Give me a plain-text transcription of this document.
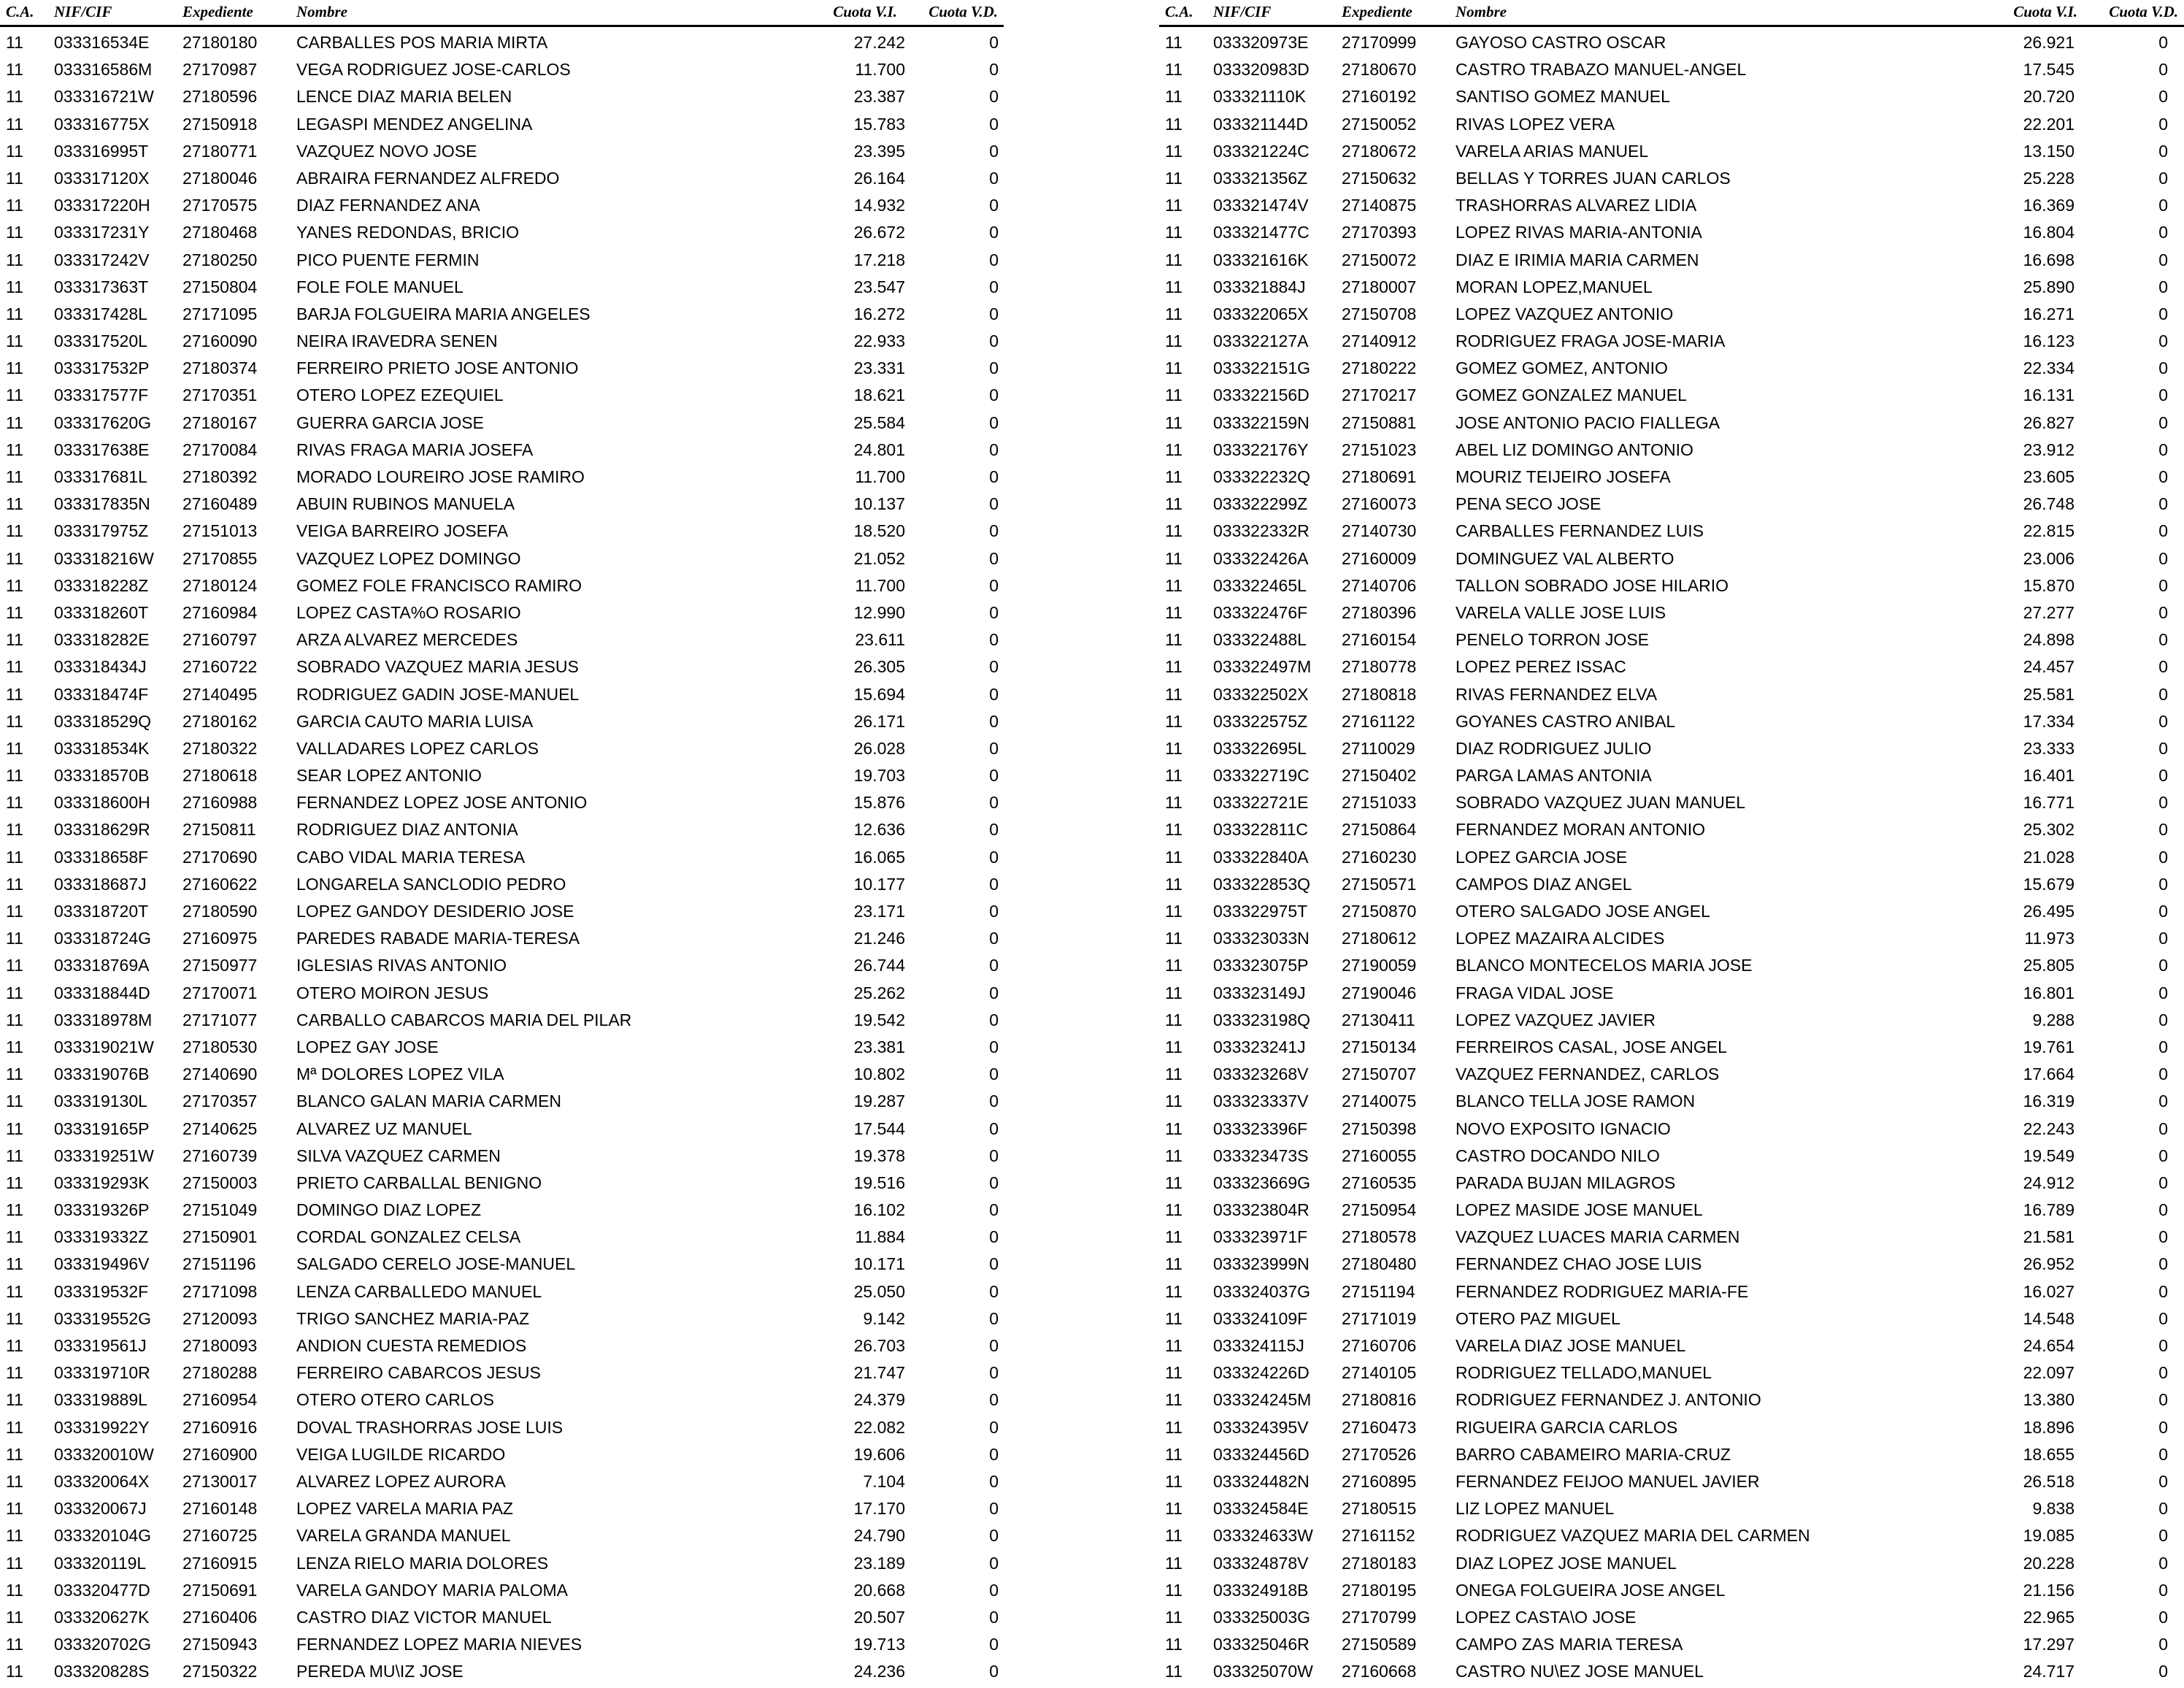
C.A. NIF/CIF	Expediente	Nombre	Cuota V.I. Cuota V.D.
11 033316534E 27180180 CARBALLES POS MARIA MIRTA	27.242	0
11 033316586M 27170987 VEGA RODRIGUEZ JOSE-CARLOS	11.700	0
11 033316721W 27180596 LENCE DIAZ MARIA BELEN	23.387	0
11 033316775X 27150918 LEGASPI MENDEZ ANGELINA	15.783	0
11 033316995T 27180771 VAZQUEZ NOVO JOSE	23.395	0
11 033317120X 27180046 ABRAIRA FERNANDEZ ALFREDO	26.164	0
11 033317220H 27170575 DIAZ FERNANDEZ ANA	14.932	0
11 033317231Y 27180468 YANES REDONDAS, BRICIO	26.672	0
11 033317242V 27180250 PICO PUENTE FERMIN	17.218	0
11 033317363T 27150804 FOLE FOLE MANUEL	23.547	0
11 033317428L 27171095 BARJA FOLGUEIRA MARIA ANGELES	16.272	0
11 033317520L 27160090 NEIRA IRAVEDRA SENEN	22.933	0
11 033317532P 27180374 FERREIRO PRIETO JOSE ANTONIO	23.331	0
11 033317577F 27170351 OTERO LOPEZ EZEQUIEL	18.621	0
11 033317620G 27180167 GUERRA GARCIA JOSE	25.584	0
11 033317638E 27170084 RIVAS FRAGA MARIA JOSEFA	24.801	0
11 033317681L 27180392 MORADO LOUREIRO JOSE RAMIRO	11.700	0
11 033317835N 27160489 ABUIN RUBINOS MANUELA	10.137	0
11 033317975Z 27151013 VEIGA BARREIRO JOSEFA	18.520	0
11 033318216W 27170855 VAZQUEZ LOPEZ DOMINGO	21.052	0
11 033318228Z 27180124 GOMEZ FOLE FRANCISCO RAMIRO	11.700	0
11 033318260T 27160984 LOPEZ CASTA%O ROSARIO	12.990	0
11 033318282E 27160797 ARZA ALVAREZ MERCEDES	23.611	0
11 033318434J 27160722 SOBRADO VAZQUEZ MARIA JESUS	26.305	0
11 033318474F 27140495 RODRIGUEZ GADIN JOSE-MANUEL	15.694	0
11 033318529Q 27180162 GARCIA CAUTO MARIA LUISA	26.171	0
11 033318534K 27180322 VALLADARES LOPEZ CARLOS	26.028	0
11 033318570B 27180618 SEAR LOPEZ ANTONIO	19.703	0
11 033318600H 27160988 FERNANDEZ LOPEZ JOSE ANTONIO	15.876	0
11 033318629R 27150811 RODRIGUEZ DIAZ ANTONIA	12.636	0
11 033318658F 27170690 CABO VIDAL MARIA TERESA	16.065	0
11 033318687J 27160622 LONGARELA SANCLODIO PEDRO	10.177	0
11 033318720T 27180590 LOPEZ GANDOY DESIDERIO JOSE	23.171	0
11 033318724G 27160975 PAREDES RABADE MARIA-TERESA	21.246	0
11 033318769A 27150977 IGLESIAS RIVAS ANTONIO	26.744	0
11 033318844D 27170071 OTERO MOIRON JESUS	25.262	0
11 033318978M 27171077 CARBALLO CABARCOS MARIA DEL PILAR	19.542	0
11 033319021W 27180530 LOPEZ GAY JOSE	23.381	0
11 033319076B 27140690 Mª DOLORES LOPEZ VILA	10.802	0
11 033319130L 27170357 BLANCO GALAN MARIA CARMEN	19.287	0
11 033319165P 27140625 ALVAREZ UZ MANUEL	17.544	0
11 033319251W 27160739 SILVA VAZQUEZ CARMEN	19.378	0
11 033319293K 27150003 PRIETO CARBALLAL BENIGNO	19.516	0
11 033319326P 27151049 DOMINGO DIAZ LOPEZ	16.102	0
11 033319332Z 27150901 CORDAL GONZALEZ CELSA	11.884	0
11 033319496V 27151196 SALGADO CERELO JOSE-MANUEL	10.171	0
11 033319532F 27171098 LENZA CARBALLEDO MANUEL	25.050	0
11 033319552G 27120093 TRIGO SANCHEZ MARIA-PAZ	9.142	0
11 033319561J 27180093 ANDION CUESTA REMEDIOS	26.703	0
11 033319710R 27180288 FERREIRO CABARCOS JESUS	21.747	0
11 033319889L 27160954 OTERO OTERO CARLOS	24.379	0
11 033319922Y 27160916 DOVAL TRASHORRAS JOSE LUIS	22.082	0
11 033320010W 27160900 VEIGA LUGILDE RICARDO	19.606	0
11 033320064X 27130017 ALVAREZ LOPEZ AURORA	7.104	0
11 033320067J 27160148 LOPEZ VARELA MARIA PAZ	17.170	0
11 033320104G 27160725 VARELA GRANDA MANUEL	24.790	0
11 033320119L 27160915 LENZA RIELO MARIA DOLORES	23.189	0
11 033320477D 27150691 VARELA GANDOY MARIA PALOMA	20.668	0
11 033320627K 27160406 CASTRO DIAZ VICTOR MANUEL	20.507	0
11 033320702G 27150943 FERNANDEZ LOPEZ MARIA NIEVES	19.713	0
11 033320828S 27150322 PEREDA MU\IZ JOSE	24.236	0
C.A. NIF/CIF	Expediente	Nombre	Cuota V.I. Cuota V.D.
11 033320973E 27170999 GAYOSO CASTRO OSCAR	26.921	0
11 033320983D 27180670 CASTRO TRABAZO MANUEL-ANGEL	17.545	0
11 033321110K 27160192 SANTISO GOMEZ MANUEL	20.720	0
11 033321144D 27150052 RIVAS LOPEZ VERA	22.201	0
11 033321224C 27180672 VARELA ARIAS MANUEL	13.150	0
11 033321356Z 27150632 BELLAS Y TORRES JUAN CARLOS	25.228	0
11 033321474V 27140875 TRASHORRAS ALVAREZ LIDIA	16.369	0
11 033321477C 27170393 LOPEZ RIVAS MARIA-ANTONIA	16.804	0
11 033321616K 27150072 DIAZ E IRIMIA MARIA CARMEN	16.698	0
11 033321884J 27180007 MORAN LOPEZ,MANUEL	25.890	0
11 033322065X 27150708 LOPEZ VAZQUEZ ANTONIO	16.271	0
11 033322127A 27140912 RODRIGUEZ FRAGA JOSE-MARIA	16.123	0
11 033322151G 27180222 GOMEZ GOMEZ, ANTONIO	22.334	0
11 033322156D 27170217 GOMEZ GONZALEZ MANUEL	16.131	0
11 033322159N 27150881 JOSE ANTONIO PACIO FIALLEGA	26.827	0
11 033322176Y 27151023 ABEL LIZ DOMINGO ANTONIO	23.912	0
11 033322232Q 27180691 MOURIZ TEIJEIRO JOSEFA	23.605	0
11 033322299Z 27160073 PENA SECO JOSE	26.748	0
11 033322332R 27140730 CARBALLES FERNANDEZ LUIS	22.815	0
11 033322426A 27160009 DOMINGUEZ VAL ALBERTO	23.006	0
11 033322465L 27140706 TALLON SOBRADO JOSE HILARIO	15.870	0
11 033322476F 27180396 VARELA VALLE JOSE LUIS	27.277	0
11 033322488L 27160154 PENELO TORRON JOSE	24.898	0
11 033322497M 27180778 LOPEZ PEREZ ISSAC	24.457	0
11 033322502X 27180818 RIVAS FERNANDEZ ELVA	25.581	0
11 033322575Z 27161122 GOYANES CASTRO ANIBAL	17.334	0
11 033322695L 27110029 DIAZ RODRIGUEZ JULIO	23.333	0
11 033322719C 27150402 PARGA LAMAS ANTONIA	16.401	0
11 033322721E 27151033 SOBRADO VAZQUEZ JUAN MANUEL	16.771	0
11 033322811C 27150864 FERNANDEZ MORAN ANTONIO	25.302	0
11 033322840A 27160230 LOPEZ GARCIA JOSE	21.028	0
11 033322853Q 27150571 CAMPOS DIAZ ANGEL	15.679	0
11 033322975T 27150870 OTERO SALGADO JOSE ANGEL	26.495	0
11 033323033N 27180612 LOPEZ MAZAIRA ALCIDES	11.973	0
11 033323075P 27190059 BLANCO MONTECELOS MARIA JOSE	25.805	0
11 033323149J 27190046 FRAGA VIDAL JOSE	16.801	0
11 033323198Q 27130411 LOPEZ VAZQUEZ JAVIER	9.288	0
11 033323241J 27150134 FERREIROS CASAL, JOSE ANGEL	19.761	0
11 033323268V 27150707 VAZQUEZ FERNANDEZ, CARLOS	17.664	0
11 033323337V 27140075 BLANCO TELLA JOSE RAMON	16.319	0
11 033323396F 27150398 NOVO EXPOSITO IGNACIO	22.243	0
11 033323473S 27160055 CASTRO DOCANDO NILO	19.549	0
11 033323669G 27160535 PARADA BUJAN MILAGROS	24.912	0
11 033323804R 27150954 LOPEZ MASIDE JOSE MANUEL	16.789	0
11 033323971F 27180578 VAZQUEZ LUACES MARIA CARMEN	21.581	0
11 033323999N 27180480 FERNANDEZ CHAO JOSE LUIS	26.952	0
11 033324037G 27151194 FERNANDEZ RODRIGUEZ MARIA-FE	16.027	0
11 033324109F 27171019 OTERO PAZ MIGUEL	14.548	0
11 033324115J 27160706 VARELA DIAZ JOSE MANUEL	24.654	0
11 033324226D 27140105 RODRIGUEZ TELLADO,MANUEL	22.097	0
11 033324245M 27180816 RODRIGUEZ FERNANDEZ J. ANTONIO	13.380	0
11 033324395V 27160473 RIGUEIRA GARCIA CARLOS	18.896	0
11 033324456D 27170526 BARRO CABAMEIRO MARIA-CRUZ	18.655	0
11 033324482N 27160895 FERNANDEZ FEIJOO MANUEL JAVIER	26.518	0
11 033324584E 27180515 LIZ LOPEZ MANUEL	9.838	0
11 033324633W 27161152 RODRIGUEZ VAZQUEZ MARIA DEL CARMEN	19.085	0
11 033324878V 27180183 DIAZ LOPEZ JOSE MANUEL	20.228	0
11 033324918B 27180195 ONEGA FOLGUEIRA JOSE ANGEL	21.156	0
11 033325003G 27170799 LOPEZ CASTA\O JOSE	22.965	0
11 033325046R 27150589 CAMPO ZAS MARIA TERESA	17.297	0
11 033325070W 27160668 CASTRO NU\EZ JOSE MANUEL	24.717	0
